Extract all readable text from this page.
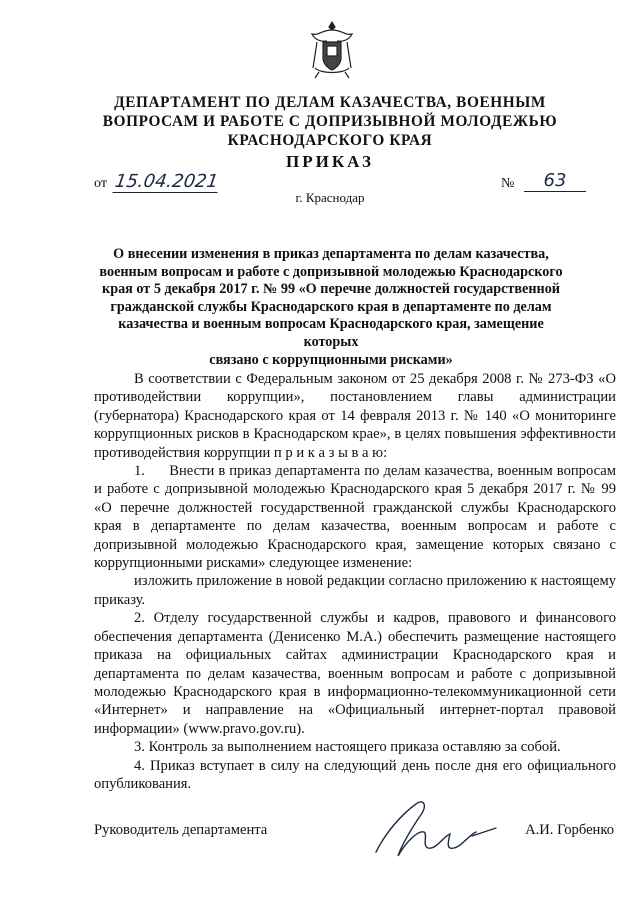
ДЕПАРТАМЕНТ ПО ДЕЛАМ КАЗАЧЕСТВА, ВОЕННЫМ
ВОПРОСАМ И РАБОТЕ С ДОПРИЗЫВНОЙ МОЛОДЕЖЬЮ
КРАСНОДАРСКОГО КРАЯ
ПРИКАЗ
от 15.04.2021	№	63
г. Краснодар
О внесении изменения в приказ департамента по делам казачества,
военным вопросам и работе с допризывной молодежью Краснодарского
края от 5 декабря 2017 г. № 99 «О перечне должностей государственной
гражданской службы Краснодарского края в департаменте по делам
казачества и военным вопросам Краснодарского края, замещение которых
связано с коррупционными рисками»

В соответствии с Федеральным законом от 25 декабря 2008 г. № 273-ФЗ «О противодействии коррупции», постановлением главы администрации (губернатора) Краснодарского края от 14 февраля 2013 г. № 140 «О мониторинге коррупционных рисков в Краснодарском крае», в целях повышения эффективности противодействия коррупции п р и к а з ы в а ю:

1.      Внести в приказ департамента по делам казачества, военным вопросам и работе с допризывной молодежью Краснодарского края 5 декабря 2017 г. № 99 «О перечне должностей государственной гражданской службы Краснодарского края в департаменте по делам казачества, военным вопросам и работе с допризывной молодежью Краснодарского края, замещение которых связано с коррупционными рисками» следующее изменение:

изложить приложение в новой редакции согласно приложению к настоящему приказу.

2. Отделу государственной службы и кадров, правового и финансового обеспечения департамента (Денисенко М.А.) обеспечить размещение настоящего приказа на официальных сайтах администрации Краснодарского края и департамента по делам казачества, военным вопросам и работе с допризывной молодежью Краснодарского края в информационно-телекоммуникационной сети «Интернет» и направление на «Официальный интернет-портал правовой информации» (www.pravo.gov.ru).

3. Контроль за выполнением настоящего приказа оставляю за собой.

4. Приказ вступает в силу на следующий день после дня его официального опубликования.

Руководитель департамента	А.И. Горбенко
